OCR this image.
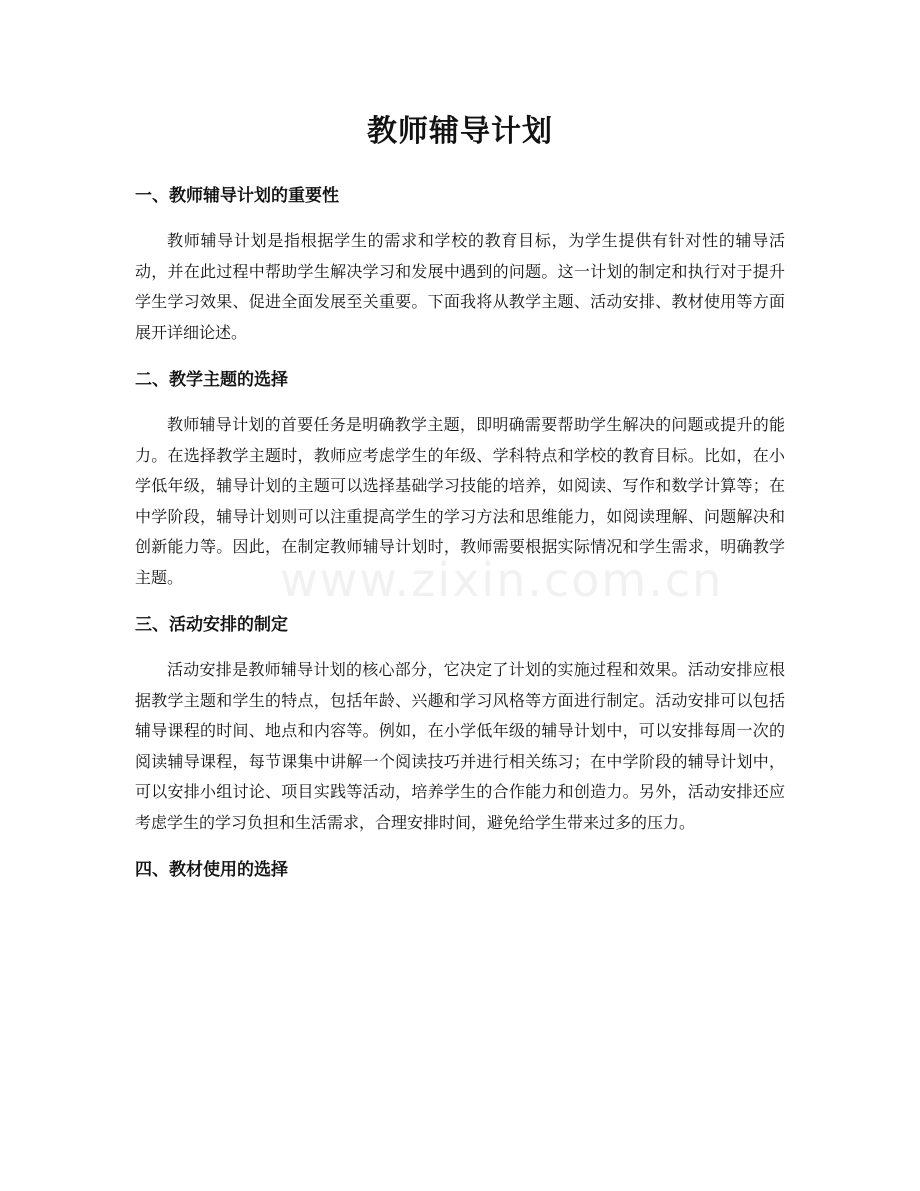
教师辅导计划
一、教师辅导计划的重要性

教师辅导计划是指根据学生的需求和学校的教育目标，为学生提供有针对性的辅导活动，并在此过程中帮助学生解决学习和发展中遇到的问题。这一计划的制定和执行对于提升学生学习效果、促进全面发展至关重要。下面我将从教学主题、活动安排、教材使用等方面展开详细论述。

二、教学主题的选择

教师辅导计划的首要任务是明确教学主题，即明确需要帮助学生解决的问题或提升的能力。在选择教学主题时，教师应考虑学生的年级、学科特点和学校的教育目标。比如，在小学低年级，辅导计划的主题可以选择基础学习技能的培养，如阅读、写作和数学计算等；在中学阶段，辅导计划则可以注重提高学生的学习方法和思维能力，如阅读理解、问题解决和创新能力等。因此，在制定教师辅导计划时，教师需要根据实际情况和学生需求，明确教学主题。

三、活动安排的制定

活动安排是教师辅导计划的核心部分，它决定了计划的实施过程和效果。活动安排应根据教学主题和学生的特点，包括年龄、兴趣和学习风格等方面进行制定。活动安排可以包括辅导课程的时间、地点和内容等。例如，在小学低年级的辅导计划中，可以安排每周一次的阅读辅导课程，每节课集中讲解一个阅读技巧并进行相关练习；在中学阶段的辅导计划中，可以安排小组讨论、项目实践等活动，培养学生的合作能力和创造力。另外，活动安排还应考虑学生的学习负担和生活需求，合理安排时间，避免给学生带来过多的压力。

四、教材使用的选择
www.zixin.com.cn
